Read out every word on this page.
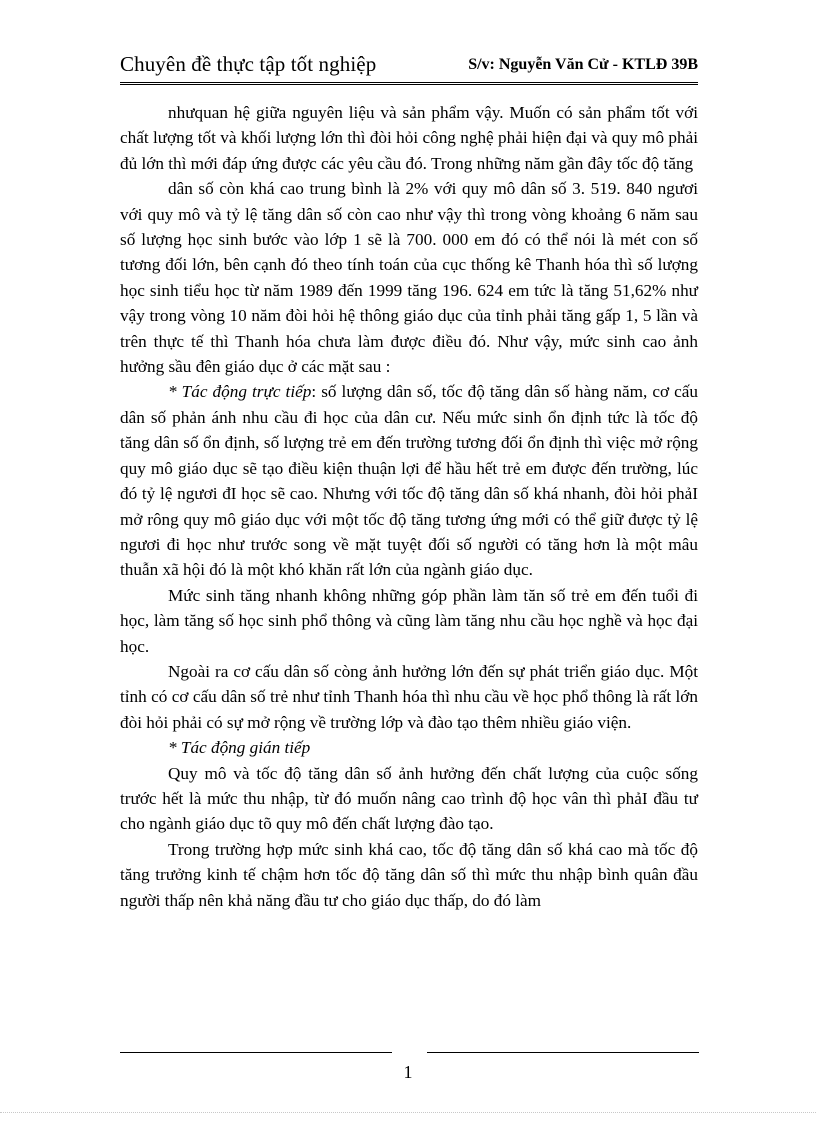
Chuyên đề thực tập tốt nghiệp	S/v: Nguyễn Văn Cử - KTLĐ 39B

nhưquan hệ giữa nguyên liệu và sản phẩm vậy. Muốn có sản phẩm tốt với chất lượng tốt và khối lượng lớn thì đòi hỏi công nghệ phải hiện đại và quy mô phải đủ lớn thì mới đáp ứng được các yêu cầu đó. Trong những năm gần đây tốc độ tăng

dân số còn khá cao trung bình là 2% với quy mô dân số 3. 519. 840 ngươi với quy mô và tỷ lệ tăng dân số còn cao như vậy thì trong vòng khoảng 6 năm sau số lượng học sinh bước vào lớp 1 sẽ là 700. 000 em đó có thể nói là mét con số tương đối lớn, bên cạnh đó theo tính toán của cục thống kê Thanh hóa thì số lượng học sinh tiểu học từ năm 1989 đến 1999 tăng 196. 624 em tức là tăng 51,62% như vậy trong vòng 10 năm đòi hỏi hệ thông giáo dục của tỉnh phải tăng gấp 1, 5 lần và trên thực tế thì Thanh hóa chưa làm được điều đó. Như vậy, mức sinh cao ảnh hưởng sầu đên giáo dục ở các mặt sau :

* Tác động trực tiếp: số lượng dân số, tốc độ tăng dân số hàng năm, cơ cấu dân số phản ánh nhu cầu đi học của dân cư. Nếu mức sinh ổn định tức là tốc độ tăng dân số ổn định, số lượng trẻ em đến trường tương đối ổn định thì việc mở rộng quy mô giáo dục sẽ tạo điều kiện thuận lợi để hầu hết trẻ em được đến trường, lúc đó tỷ lệ ngươi đI học sẽ cao. Nhưng với tốc độ tăng dân số khá nhanh, đòi hỏi phảI mở rông quy mô giáo dục với một tốc độ tăng tương ứng mới có thể giữ được tỷ lệ ngươi đi học như trước song về mặt tuyệt đối số người có tăng hơn là một mâu thuẫn xã hội đó là một khó khăn rất lớn của ngành giáo dục.

Mức sinh tăng nhanh không những góp phần làm tăn số trẻ em đến tuổi đi học, làm tăng số học sinh phổ thông và cũng làm tăng nhu cầu học nghề và học đại học.

Ngoài ra cơ cấu dân số còng ảnh hưởng lớn đến sự phát triển giáo dục. Một tỉnh có cơ cấu dân số trẻ như tỉnh Thanh hóa thì nhu cầu về học phổ thông là rất lớn đòi hỏi phải có sự mở rộng về trường lớp và đào tạo thêm nhiều giáo viện.

* Tác động gián tiếp

Quy mô và tốc độ tăng dân số ảnh hưởng đến chất lượng của cuộc sống trước hết là mức thu nhập, từ đó muốn nâng cao trình độ học vân thì phảI đầu tư cho ngành giáo dục tõ quy mô đến chất lượng đào tạo.

Trong trường hợp mức sinh khá cao, tốc độ tăng dân số khá cao mà tốc độ tăng trưởng kinh tế chậm hơn tốc độ tăng dân số thì mức thu nhập bình quân đầu người thấp nên khả năng đầu tư cho giáo dục thấp, do đó làm

1
